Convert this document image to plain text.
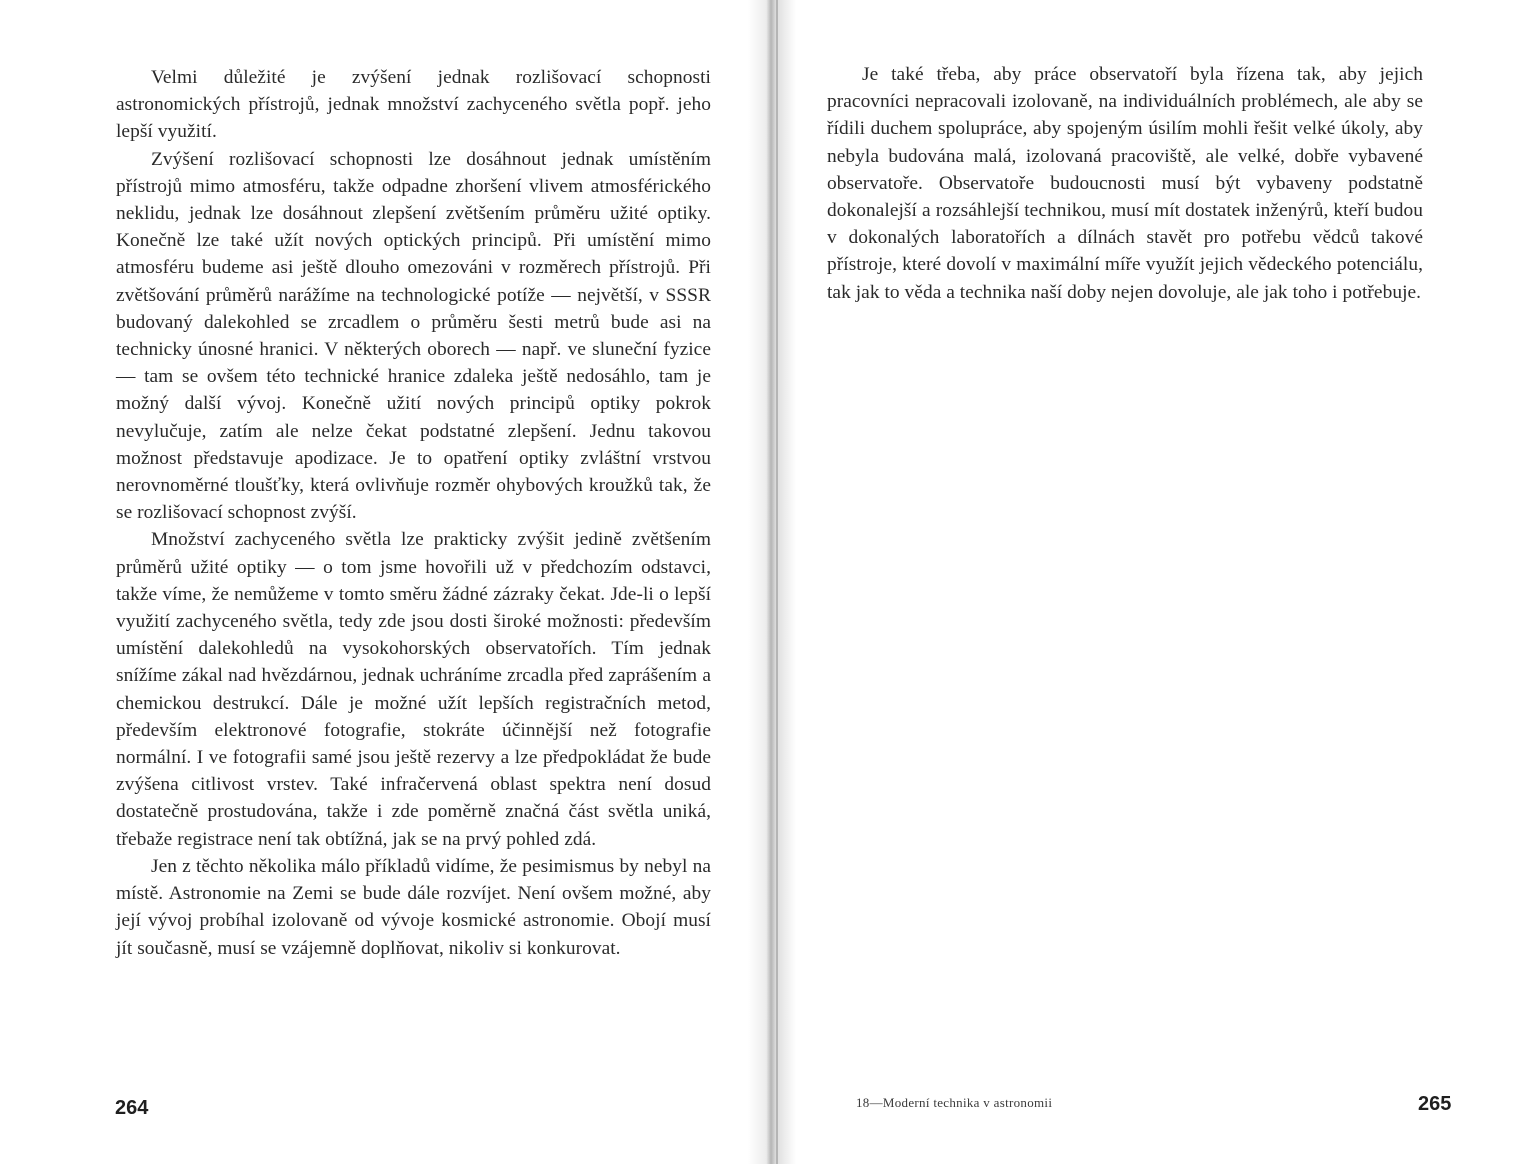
Velmi důležité je zvýšení jednak rozlišovací schopnosti astronomických přístrojů, jednak množství zachyceného světla popř. jeho lepší využití.

Zvýšení rozlišovací schopnosti lze dosáhnout jednak umístěním přístrojů mimo atmosféru, takže odpadne zhoršení vlivem atmosférického neklidu, jednak lze dosáhnout zlepšení zvětšením průměru užité optiky. Konečně lze také užít nových optických principů. Při umístění mimo atmosféru budeme asi ještě dlouho omezováni v rozměrech přístrojů. Při zvětšování průměrů narážíme na technologické potíže — největší, v SSSR budovaný dalekohled se zrcadlem o průměru šesti metrů bude asi na technicky únosné hranici. V některých oborech — např. ve sluneční fyzice — tam se ovšem této technické hranice zdaleka ještě nedosáhlo, tam je možný další vývoj. Konečně užití nových principů optiky pokrok nevylučuje, zatím ale nelze čekat podstatné zlepšení. Jednu takovou možnost představuje apodizace. Je to opatření optiky zvláštní vrstvou nerovnoměrné tloušťky, která ovlivňuje rozměr ohybových kroužků tak, že se rozlišovací schopnost zvýší.

Množství zachyceného světla lze prakticky zvýšit jedině zvětšením průměrů užité optiky — o tom jsme hovořili už v předchozím odstavci, takže víme, že nemůžeme v tomto směru žádné zázraky čekat. Jde-li o lepší využití zachyceného světla, tedy zde jsou dosti široké možnosti: především umístění dalekohledů na vysokohorských observatořích. Tím jednak snížíme zákal nad hvězdárnou, jednak uchráníme zrcadla před zaprášením a chemickou destrukcí. Dále je možné užít lepších registračních metod, především elektronové fotografie, stokráte účinnější než fotografie normální. I ve fotografii samé jsou ještě rezervy a lze předpokládat že bude zvýšena citlivost vrstev. Také infračervená oblast spektra není dosud dostatečně prostudována, takže i zde poměrně značná část světla uniká, třebaže registrace není tak obtížná, jak se na prvý pohled zdá.

Jen z těchto několika málo příkladů vidíme, že pesimismus by nebyl na místě. Astronomie na Zemi se bude dále rozvíjet. Není ovšem možné, aby její vývoj probíhal izolovaně od vývoje kosmické astronomie. Obojí musí jít současně, musí se vzájemně doplňovat, nikoliv si konkurovat.

264

Je také třeba, aby práce observatoří byla řízena tak, aby jejich pracovníci nepracovali izolovaně, na individuálních problémech, ale aby se řídili duchem spolupráce, aby spojeným úsilím mohli řešit velké úkoly, aby nebyla budována malá, izolovaná pracoviště, ale velké, dobře vybavené observatoře. Observatoře budoucnosti musí být vybaveny podstatně dokonalejší a rozsáhlejší technikou, musí mít dostatek inženýrů, kteří budou v dokonalých laboratořích a dílnách stavět pro potřebu vědců takové přístroje, které dovolí v maximální míře využít jejich vědeckého potenciálu, tak jak to věda a technika naší doby nejen dovoluje, ale jak toho i potřebuje.

18—Moderní technika v astronomii	265
